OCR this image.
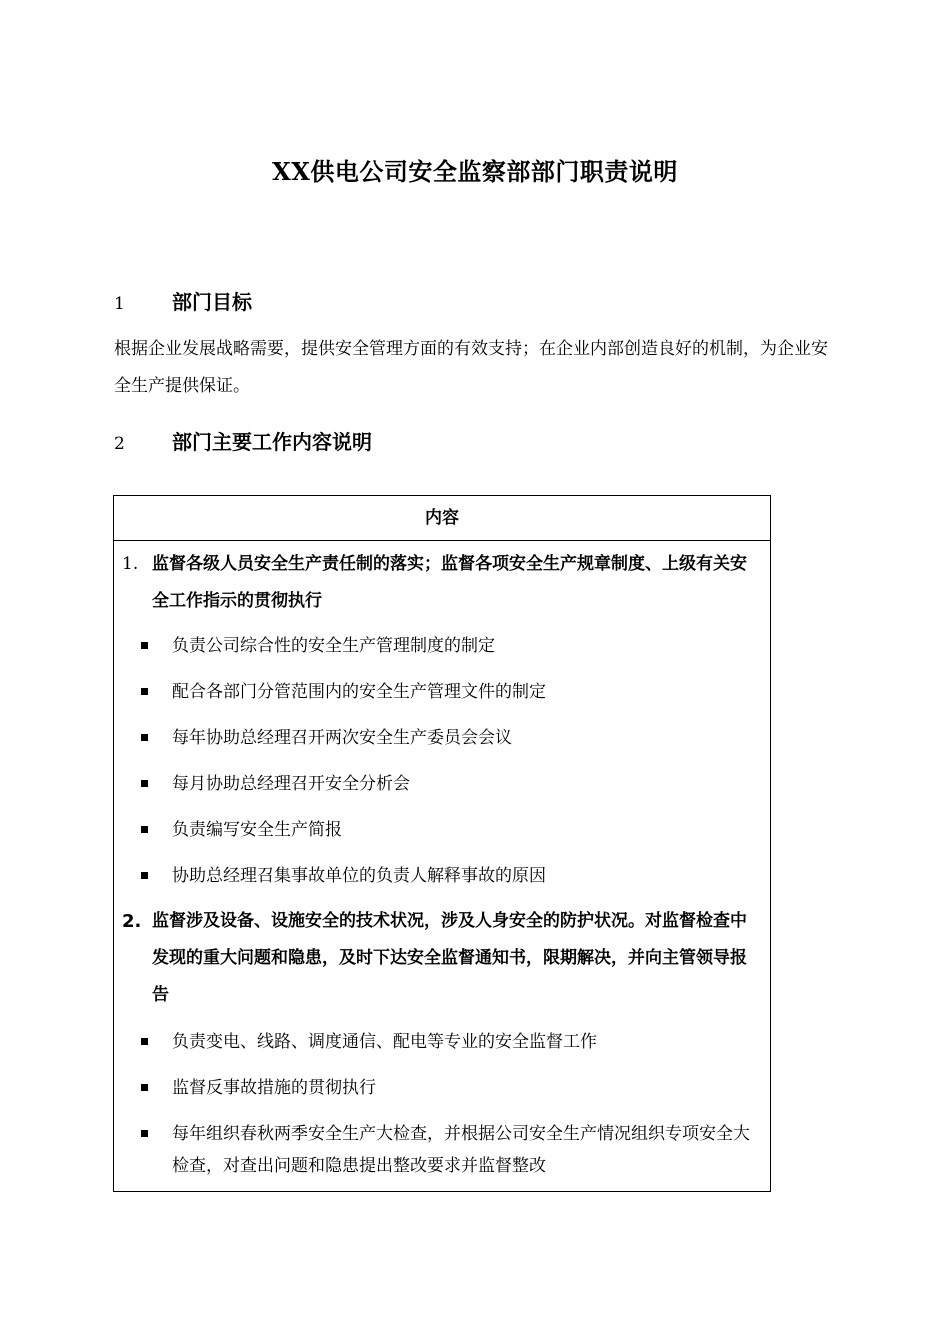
XX供电公司安全监察部部门职责说明
1 部门目标
根据企业发展战略需要，提供安全管理方面的有效支持；在企业内部创造良好的机制，为企业安全生产提供保证。
2 部门主要工作内容说明
内容
1. 监督各级人员安全生产责任制的落实；监督各项安全生产规章制度、上级有关安全工作指示的贯彻执行
负责公司综合性的安全生产管理制度的制定
配合各部门分管范围内的安全生产管理文件的制定
每年协助总经理召开两次安全生产委员会会议
每月协助总经理召开安全分析会
负责编写安全生产简报
协助总经理召集事故单位的负责人解释事故的原因
2. 监督涉及设备、设施安全的技术状况，涉及人身安全的防护状况。对监督检查中发现的重大问题和隐患，及时下达安全监督通知书，限期解决，并向主管领导报告
负责变电、线路、调度通信、配电等专业的安全监督工作
监督反事故措施的贯彻执行
每年组织春秋两季安全生产大检查，并根据公司安全生产情况组织专项安全大检查，对查出问题和隐患提出整改要求并监督整改
